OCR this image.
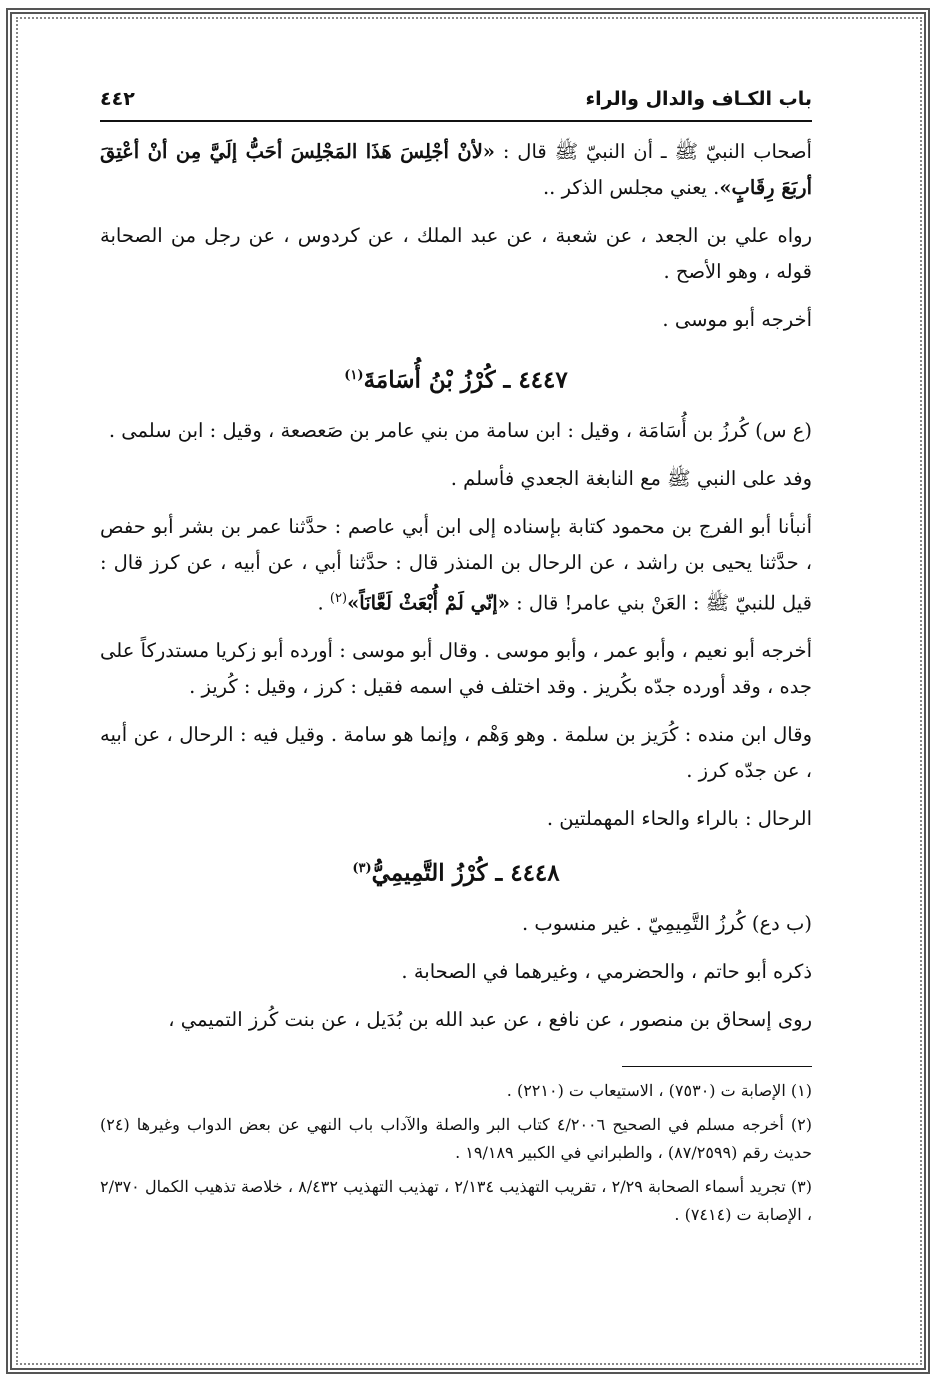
باب الكـاف والدال والراء
٤٤٢

أصحاب النبيّ ﷺ ـ أن النبيّ ﷺ قال : «لأنْ أجْلِسَ هَذَا المَجْلِسَ أحَبُّ إلَيَّ مِن أنْ أعْتِقَ أربَعَ رِقَابٍ». يعني مجلس الذكر ..

رواه علي بن الجعد ، عن شعبة ، عن عبد الملك ، عن كردوس ، عن رجل من الصحابة قوله ، وهو الأصح .

أخرجه أبو موسى .

٤٤٤٧ ـ كُرْزُ بْنُ أُسَامَةَ$^{(١)}$

(ع س) كُرزُ بن أُسَامَة ، وقيل : ابن سامة من بني عامر بن صَعصعة ، وقيل : ابن سلمى .

وفد على النبي ﷺ مع النابغة الجعدي فأسلم .

أنبأنا أبو الفرج بن محمود كتابة بإسناده إلى ابن أبي عاصم : حدَّثنا عمر بن بشر أبو حفص ، حدَّثنا يحيى بن راشد ، عن الرحال بن المنذر قال : حدَّثنا أبي ، عن أبيه ، عن كرز قال : قيل للنبيّ ﷺ : العَنْ بني عامر! قال : «إنّي لَمْ أُبْعَثْ لَعَّانَاً»$^{(٢)}$ .

أخرجه أبو نعيم ، وأبو عمر ، وأبو موسى . وقال أبو موسى : أورده أبو زكريا مستدركاً على جده ، وقد أورده جدّه بكُريز . وقد اختلف في اسمه فقيل : كرز ، وقيل : كُريز .

وقال ابن منده : كُرَيز بن سلمة . وهو وَهْم ، وإنما هو سامة . وقيل فيه : الرحال ، عن أبيه ، عن جدّه كرز .

الرحال : بالراء والحاء المهملتين .

٤٤٤٨ ـ كُرْزُ التَّمِيمِيُّ$^{(٣)}$

(ب دع) كُرزُ التَّمِيمِيّ . غير منسوب .

ذكره أبو حاتم ، والحضرمي ، وغيرهما في الصحابة .

روى إسحاق بن منصور ، عن نافع ، عن عبد الله بن بُدَيل ، عن بنت كُرز التميمي ،

(١) الإصابة ت (٧٥٣٠) ، الاستيعاب ت (٢٢١٠) .

(٢) أخرجه مسلم في الصحيح ٤/٢٠٠٦ كتاب البر والصلة والآداب باب النهي عن بعض الدواب وغيرها (٢٤) حديث رقم (٨٧/٢٥٩٩) ، والطبراني في الكبير ١٩/١٨٩ .

(٣) تجريد أسماء الصحابة ٢/٢٩ ، تقريب التهذيب ٢/١٣٤ ، تهذيب التهذيب ٨/٤٣٢ ، خلاصة تذهيب الكمال ٢/٣٧٠ ، الإصابة ت (٧٤١٤) .
